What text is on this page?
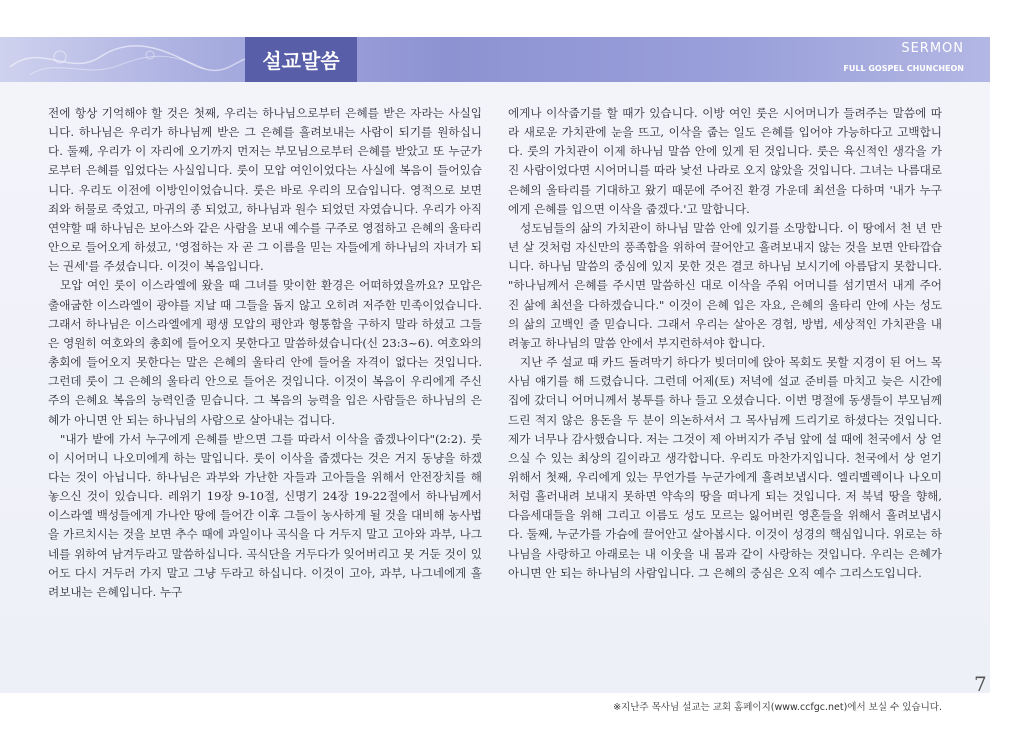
설교말씀
SERMON
FULL GOSPEL CHUNCHEON

전에 항상 기억해야 할 것은 첫째, 우리는 하나님으로부터 은혜를 받은 자라는 사실입니다. 하나님은 우리가 하나님께 받은 그 은혜를 흘려보내는 사람이 되기를 원하십니다. 둘째, 우리가 이 자리에 오기까지 먼저는 부모님으로부터 은혜를 받았고 또 누군가로부터 은혜를 입었다는 사실입니다. 룻이 모압 여인이었다는 사실에 복음이 들어있습니다. 우리도 이전에 이방인이었습니다. 룻은 바로 우리의 모습입니다. 영적으로 보면 죄와 허물로 죽었고, 마귀의 종 되었고, 하나님과 원수 되었던 자였습니다. 우리가 아직 연약할 때 하나님은 보아스와 같은 사람을 보내 예수를 구주로 영접하고 은혜의 울타리 안으로 들어오게 하셨고, '영접하는 자 곧 그 이름을 믿는 자들에게 하나님의 자녀가 되는 권세'를 주셨습니다. 이것이 복음입니다.

모압 여인 룻이 이스라엘에 왔을 때 그녀를 맞이한 환경은 어떠하였을까요? 모압은 출애굽한 이스라엘이 광야를 지날 때 그들을 돕지 않고 오히려 저주한 민족이었습니다. 그래서 하나님은 이스라엘에게 평생 모압의 평안과 형통함을 구하지 말라 하셨고 그들은 영원히 여호와의 총회에 들어오지 못한다고 말씀하셨습니다(신 23:3~6). 여호와의 총회에 들어오지 못한다는 말은 은혜의 울타리 안에 들어올 자격이 없다는 것입니다. 그런데 룻이 그 은혜의 울타리 안으로 들어온 것입니다. 이것이 복음이 우리에게 주신 주의 은혜요 복음의 능력인줄 믿습니다. 그 복음의 능력을 입은 사람들은 하나님의 은혜가 아니면 안 되는 하나님의 사람으로 살아내는 겁니다.

"내가 밭에 가서 누구에게 은혜를 받으면 그를 따라서 이삭을 줍겠나이다"(2:2). 룻이 시어머니 나오미에게 하는 말입니다. 룻이 이삭을 줍겠다는 것은 거지 동냥을 하겠다는 것이 아닙니다. 하나님은 과부와 가난한 자들과 고아들을 위해서 안전장치를 해 놓으신 것이 있습니다. 레위기 19장 9-10절, 신명기 24장 19-22절에서 하나님께서 이스라엘 백성들에게 가나안 땅에 들어간 이후 그들이 농사하게 될 것을 대비해 농사법을 가르치시는 것을 보면 추수 때에 과일이나 곡식을 다 거두지 말고 고아와 과부, 나그네를 위하여 남겨두라고 말씀하십니다. 곡식단을 거두다가 잊어버리고 못 거둔 것이 있어도 다시 거두러 가지 말고 그냥 두라고 하십니다. 이것이 고아, 과부, 나그네에게 흘려보내는 은혜입니다. 누구

에게나 이삭줍기를 할 때가 있습니다. 이방 여인 룻은 시어머니가 들려주는 말씀에 따라 새로운 가치관에 눈을 뜨고, 이삭을 줍는 일도 은혜를 입어야 가능하다고 고백합니다. 룻의 가치관이 이제 하나님 말씀 안에 있게 된 것입니다. 룻은 육신적인 생각을 가진 사람이었다면 시어머니를 따라 낯선 나라로 오지 않았을 것입니다. 그녀는 나름대로 은혜의 울타리를 기대하고 왔기 때문에 주어진 환경 가운데 최선을 다하며 '내가 누구에게 은혜를 입으면 이삭을 줍겠다.'고 말합니다.

성도님들의 삶의 가치관이 하나님 말씀 안에 있기를 소망합니다. 이 땅에서 천 년 만 년 살 것처럼 자신만의 풍족함을 위하여 끌어안고 흘려보내지 않는 것을 보면 안타깝습니다. 하나님 말씀의 중심에 있지 못한 것은 결코 하나님 보시기에 아름답지 못합니다. "하나님께서 은혜를 주시면 말씀하신 대로 이삭을 주워 어머니를 섬기면서 내게 주어진 삶에 최선을 다하겠습니다." 이것이 은혜 입은 자요, 은혜의 울타리 안에 사는 성도의 삶의 고백인 줄 믿습니다. 그래서 우리는 살아온 경험, 방법, 세상적인 가치관을 내려놓고 하나님의 말씀 안에서 부지런하셔야 합니다.

지난 주 설교 때 카드 돌려막기 하다가 빚더미에 앉아 목회도 못할 지경이 된 어느 목사님 얘기를 해 드렸습니다. 그런데 어제(토) 저녁에 설교 준비를 마치고 늦은 시간에 집에 갔더니 어머니께서 봉투를 하나 들고 오셨습니다. 이번 명절에 동생들이 부모님께 드린 적지 않은 용돈을 두 분이 의논하셔서 그 목사님께 드리기로 하셨다는 것입니다. 제가 너무나 감사했습니다. 저는 그것이 제 아버지가 주님 앞에 설 때에 천국에서 상 얻으실 수 있는 최상의 길이라고 생각합니다. 우리도 마찬가지입니다. 천국에서 상 얻기 위해서 첫째, 우리에게 있는 무언가를 누군가에게 흘려보냅시다. 엘리멜렉이나 나오미처럼 흘러내려 보내지 못하면 약속의 땅을 떠나게 되는 것입니다. 저 북녘 땅을 향해, 다음세대들을 위해 그리고 이름도 성도 모르는 잃어버린 영혼들을 위해서 흘려보냅시다. 둘째, 누군가를 가슴에 끌어안고 살아봅시다. 이것이 성경의 핵심입니다. 위로는 하나님을 사랑하고 아래로는 내 이웃을 내 몸과 같이 사랑하는 것입니다. 우리는 은혜가 아니면 안 되는 하나님의 사람입니다. 그 은혜의 중심은 오직 예수 그리스도입니다.

7
※지난주 목사님 설교는 교회 홈페이지(www.ccfgc.net)에서 보실 수 있습니다.
